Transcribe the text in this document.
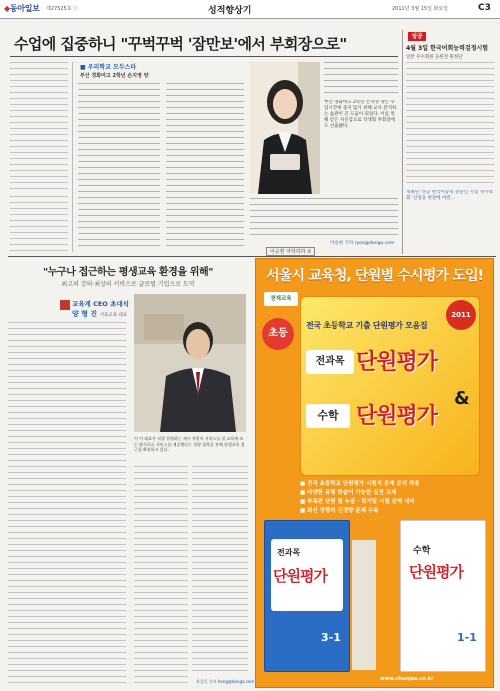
◆동아일보 제27525호 ⓒ	성적향상기	2011년 3월 15일 화요일	C3
수업에 집중하니 "꾸벅꾸벅 '잠만보'에서 부회장으로"
■ 우리학교 모두스타
부산 경화여고 2학년 손지영 양
부산 경화여고 2학년 손지영 양은 수업시간에 졸지 않기 위해 교사 분석하는 습관이 큰 도움이 되었다. 이를 통해 얻은 자신감으로 학생회 부회장에 도 선출됐다.
이승현 기자 ryoo@donga.com
이승현 아하하하 ①
성공
4월 3일 한국어회능력검정시험
일반 우수회원 응원전 원정단
개최된 '성공 한국어능력 전문인 시험 경시대회' 신청을 현장에 마련...
"누구나 접근하는 평생교육 환경을 위해"
최고의 강의·최상의 서비스로 글로벌 기업으로 도약
교육계 CEO 초대석
양 형 진 서울교육 대표
이 이 대표가 직접 설명하는 제가 직원의 서비스를 잘 교육에 쓰는 방식으로 서비스를 제공했다는 경영 철학을 통해 평생교육 접근을 확장하고 있다.
홍길동 기자 hong@donga.com
서울시 교육청, 단원별 수시평가 도입!
천재교육
초등
2011
전국 초등학교 기출 단원평가 모음집
전과목 단원평가
&
수학 단원평가
■ 전국 초등학교 단원평가 시험지 문제 분석 적용
■ 다양한 유형 학습이 가능한 실전 교재
■ 부록판 단원 및 누굴 · 학기말 시험 완벽 대비
■ 최신 경향의 신경향 문제 수록
전과목
단원평가
3-1
수학
단원평가
1-1
www.chunjae.co.kr
